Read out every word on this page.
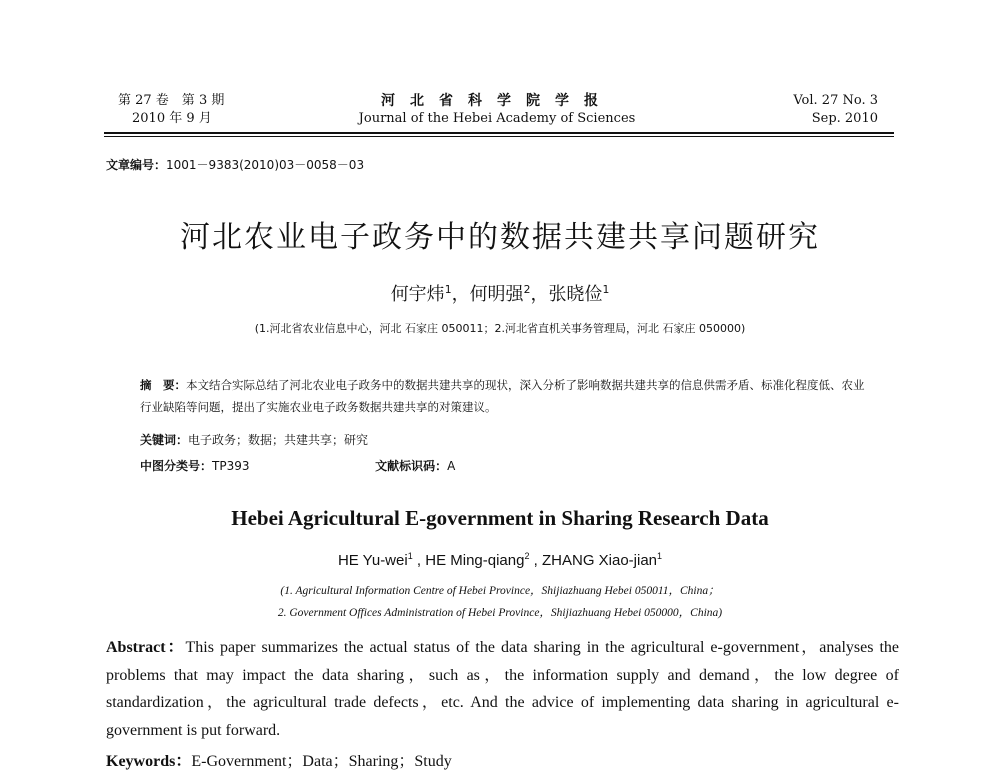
第 27 卷　第 3 期
2010 年 9 月
河北省科学院学报
Journal of the Hebei Academy of Sciences
Vol. 27 No. 3
Sep. 2010
文章编号：1001－9383(2010)03－0058－03
河北农业电子政务中的数据共建共享问题研究
何宇炜$^1$，何明强$^2$，张晓俭$^1$
(1.河北省农业信息中心，河北 石家庄 050011；2.河北省直机关事务管理局，河北 石家庄 050000)
摘　要：本文结合实际总结了河北农业电子政务中的数据共建共享的现状，深入分析了影响数据共建共享的信息供需矛盾、标准化程度低、农业行业缺陷等问题，提出了实施农业电子政务数据共建共享的对策建议。
关键词：电子政务；数据；共建共享；研究
中图分类号：TP393	文献标识码：A
Hebei Agricultural E-government in Sharing Research Data
HE Yu-wei$^1$ , HE Ming-qiang$^2$ , ZHANG Xiao-jian$^1$
(1. Agricultural Information Centre of Hebei Province，Shijiazhuang Hebei 050011，China；
2. Government Offices Administration of Hebei Province，Shijiazhuang Hebei 050000，China)
Abstract：This paper summarizes the actual status of the data sharing in the agricultural e-government，analyses the problems that may impact the data sharing，such as，the information supply and demand，the low degree of standardization，the agricultural trade defects，etc. And the advice of implementing data sharing in agricultural e-government is put forward.
Keywords：E-Government；Data；Sharing；Study
